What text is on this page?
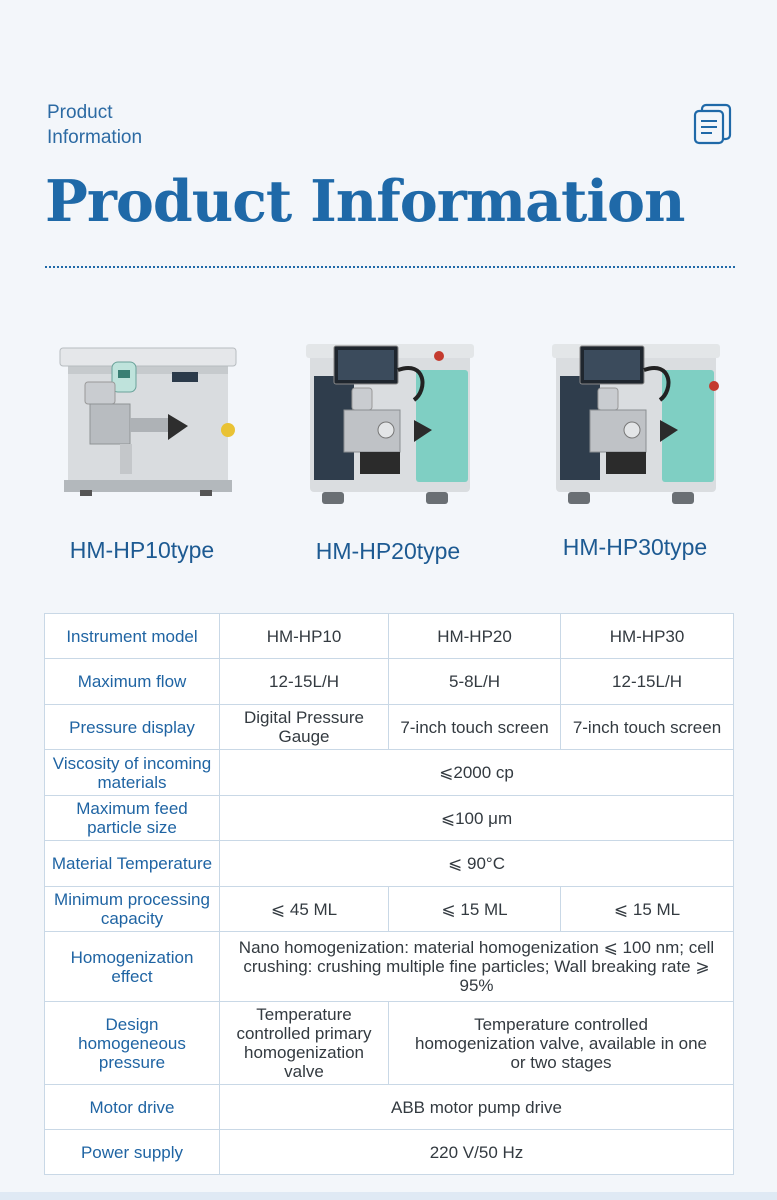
Product
Information
Product Information
HM-HP10type	HM-HP20type	HM-HP30type
Instrument model	HM-HP10	HM-HP20	HM-HP30
Maximum flow	12-15L/H	5-8L/H	12-15L/H
Pressure display	Digital Pressure Gauge	7-inch touch screen	7-inch touch screen
Viscosity of incoming materials	⩽2000 cp		
Maximum feed particle size	⩽100 μm		
Material Temperature	⩽ 90°C		
Minimum processing capacity	⩽ 45 ML	⩽ 15 ML	⩽ 15 ML
Homogenization effect	Nano homogenization: material homogenization ⩽ 100 nm; cell crushing: crushing multiple fine particles; Wall breaking rate ⩾ 95%		
Design homogeneous pressure	Temperature controlled primary homogenization valve	Temperature controlled homogenization valve, available in one or two stages	
Motor drive	ABB motor pump drive		
Power supply	220 V/50 Hz		
